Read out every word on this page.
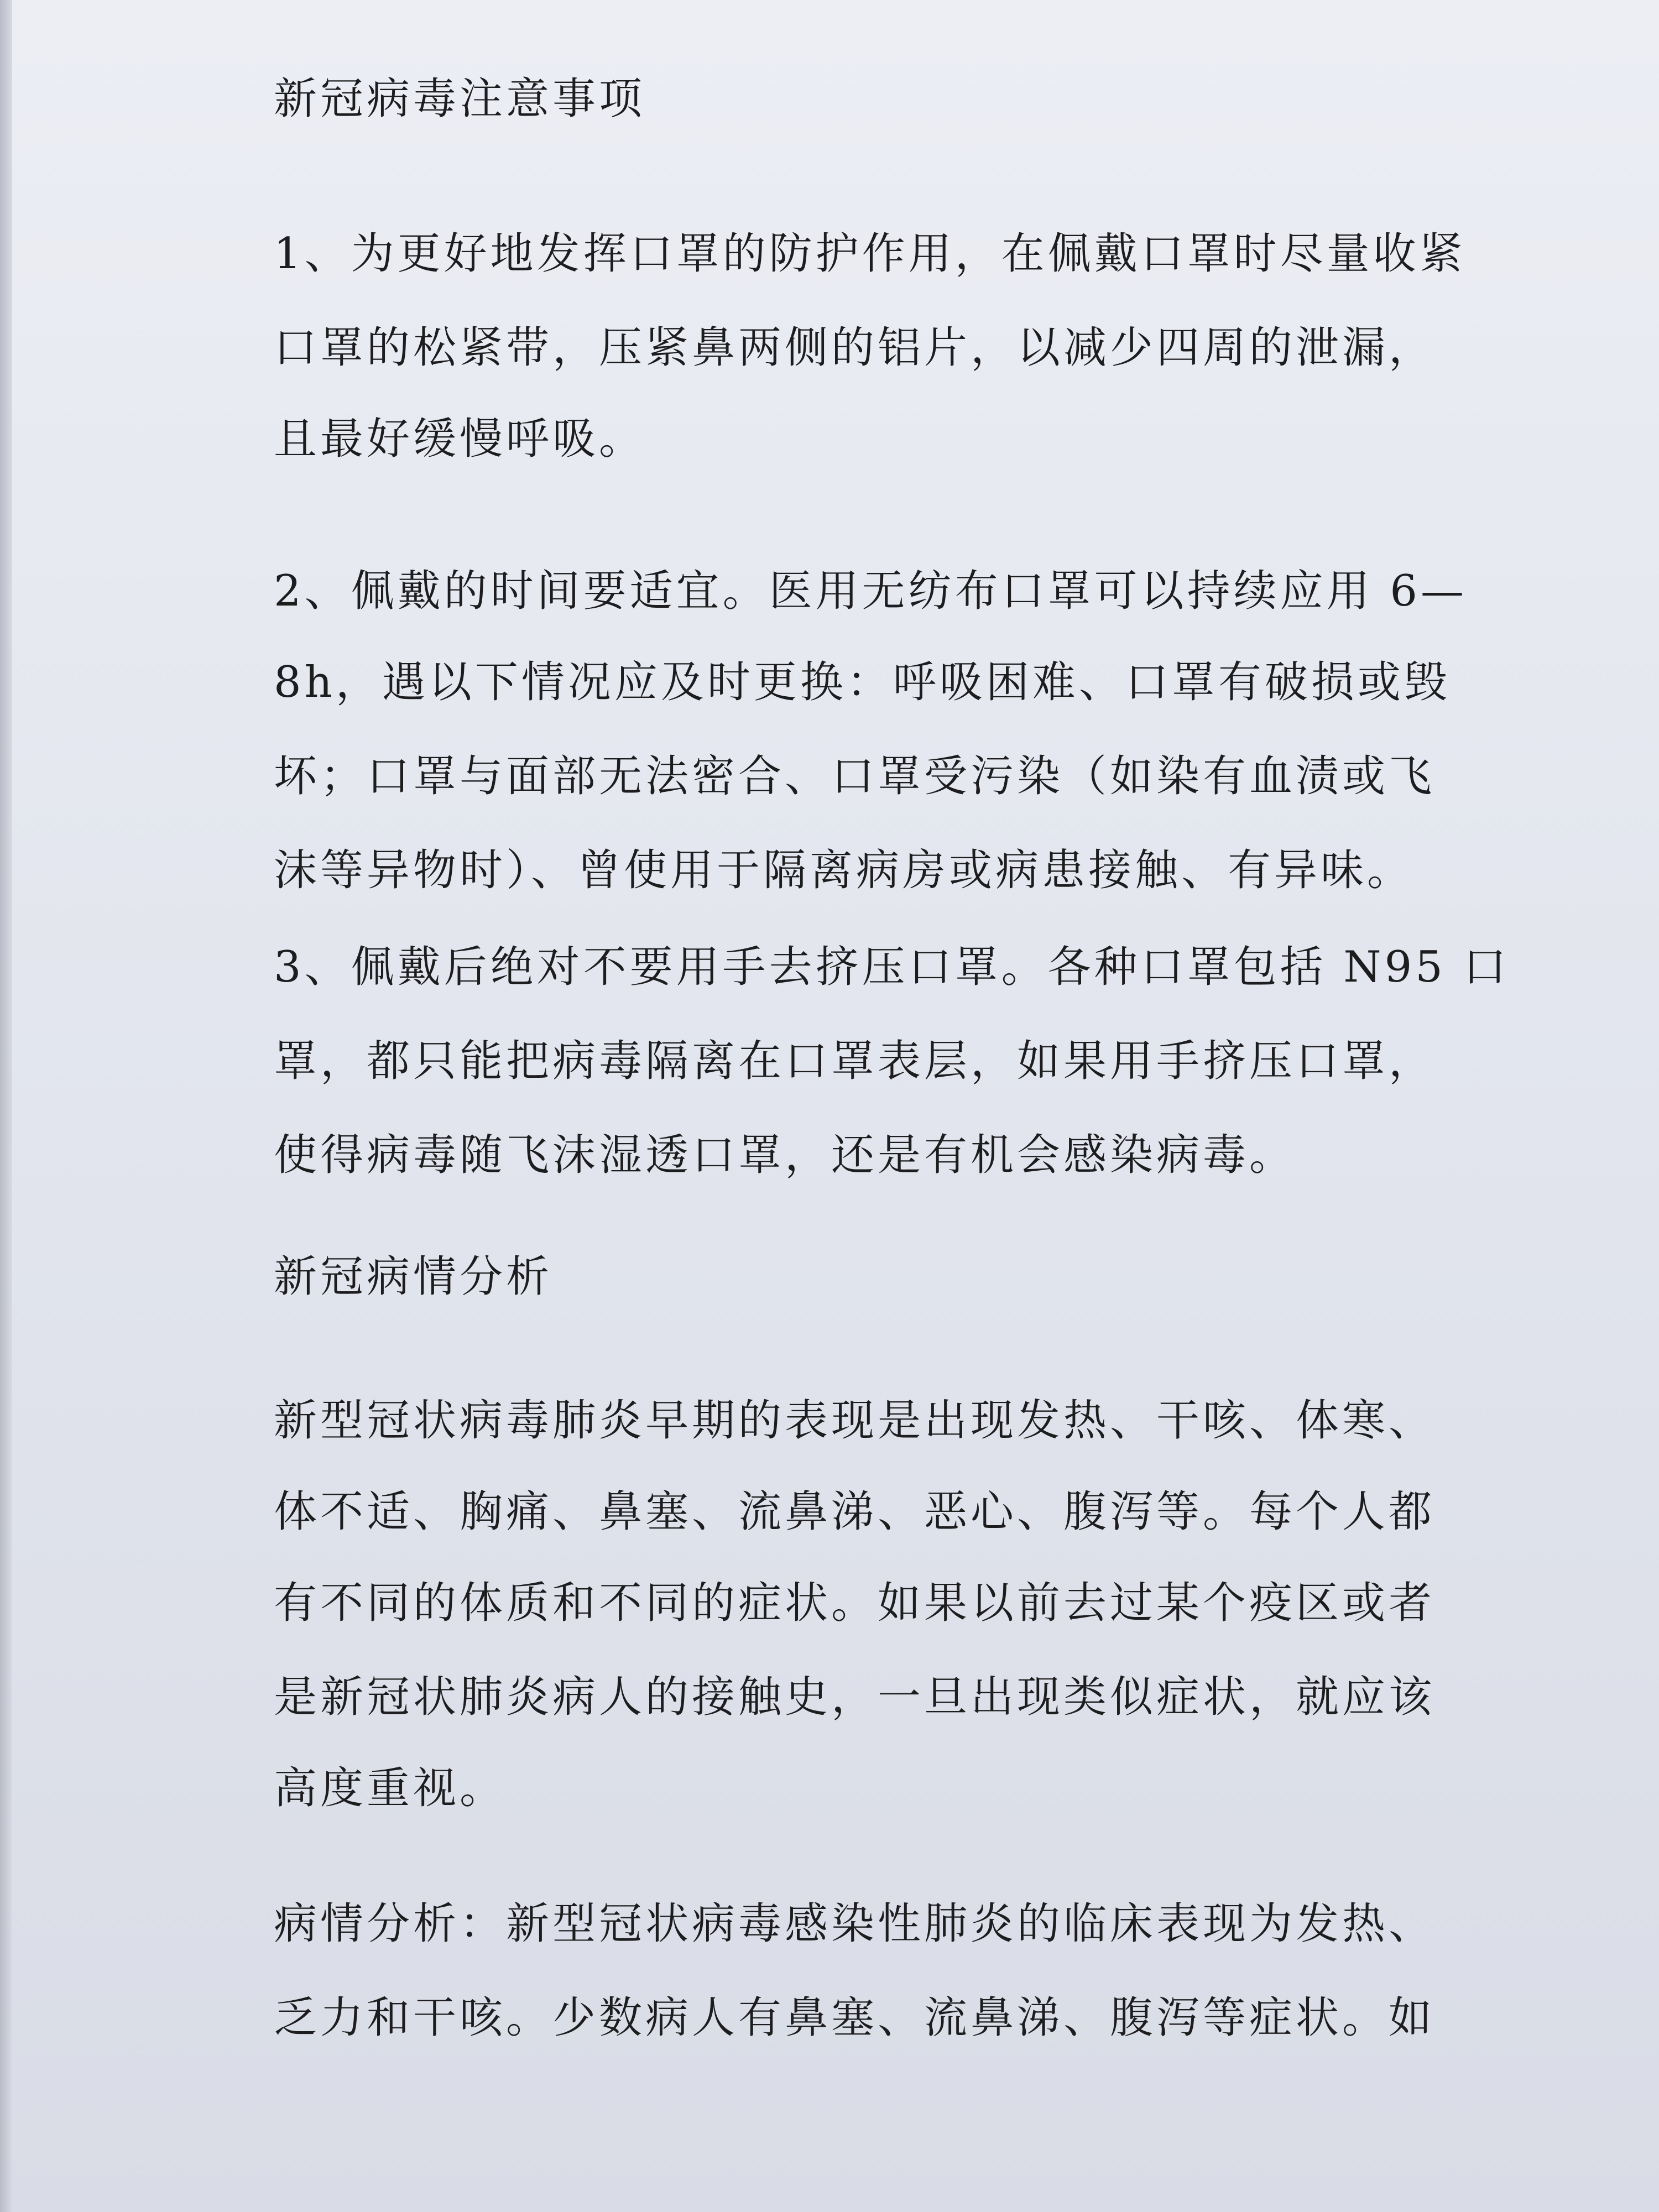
新冠病毒注意事项
1、为更好地发挥口罩的防护作用，在佩戴口罩时尽量收紧
口罩的松紧带，压紧鼻两侧的铝片，以减少四周的泄漏，
且最好缓慢呼吸。
2、佩戴的时间要适宜。医用无纺布口罩可以持续应用 6—
8h，遇以下情况应及时更换：呼吸困难、口罩有破损或毁
坏；口罩与面部无法密合、口罩受污染（如染有血渍或飞
沫等异物时）、曾使用于隔离病房或病患接触、有异味。
3、佩戴后绝对不要用手去挤压口罩。各种口罩包括 N95 口
罩，都只能把病毒隔离在口罩表层，如果用手挤压口罩，
使得病毒随飞沫湿透口罩，还是有机会感染病毒。
新冠病情分析
新型冠状病毒肺炎早期的表现是出现发热、干咳、体寒、
体不适、胸痛、鼻塞、流鼻涕、恶心、腹泻等。每个人都
有不同的体质和不同的症状。如果以前去过某个疫区或者
是新冠状肺炎病人的接触史，一旦出现类似症状，就应该
高度重视。
病情分析：新型冠状病毒感染性肺炎的临床表现为发热、
乏力和干咳。少数病人有鼻塞、流鼻涕、腹泻等症状。如
